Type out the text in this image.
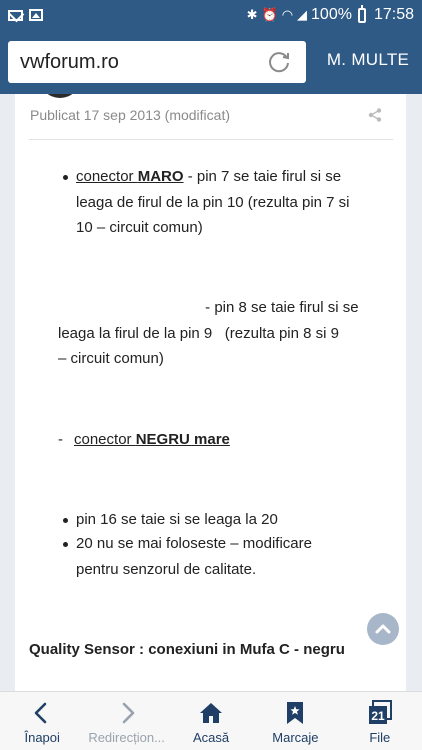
✱ ⏰ ◠ ◢ 100% 17:58
vwforum.ro	M. MULTE
Publicat 17 sep 2013 (modificat)
conector MARO - pin 7 se taie firul si se
leaga de firul de la pin 10 (rezulta pin 7 si
10 – circuit comun)
- pin 8 se taie firul si se
leaga la firul de la pin 9   (rezulta pin 8 si 9
– circuit comun)
- conector NEGRU mare
pin 16 se taie si se leaga la 20
20 nu se mai foloseste – modificare
pentru senzorul de calitate.
Quality Sensor : conexiuni in Mufa C - negru
Înapoi Redirecțion... Acasă	Marcaje
21
File
